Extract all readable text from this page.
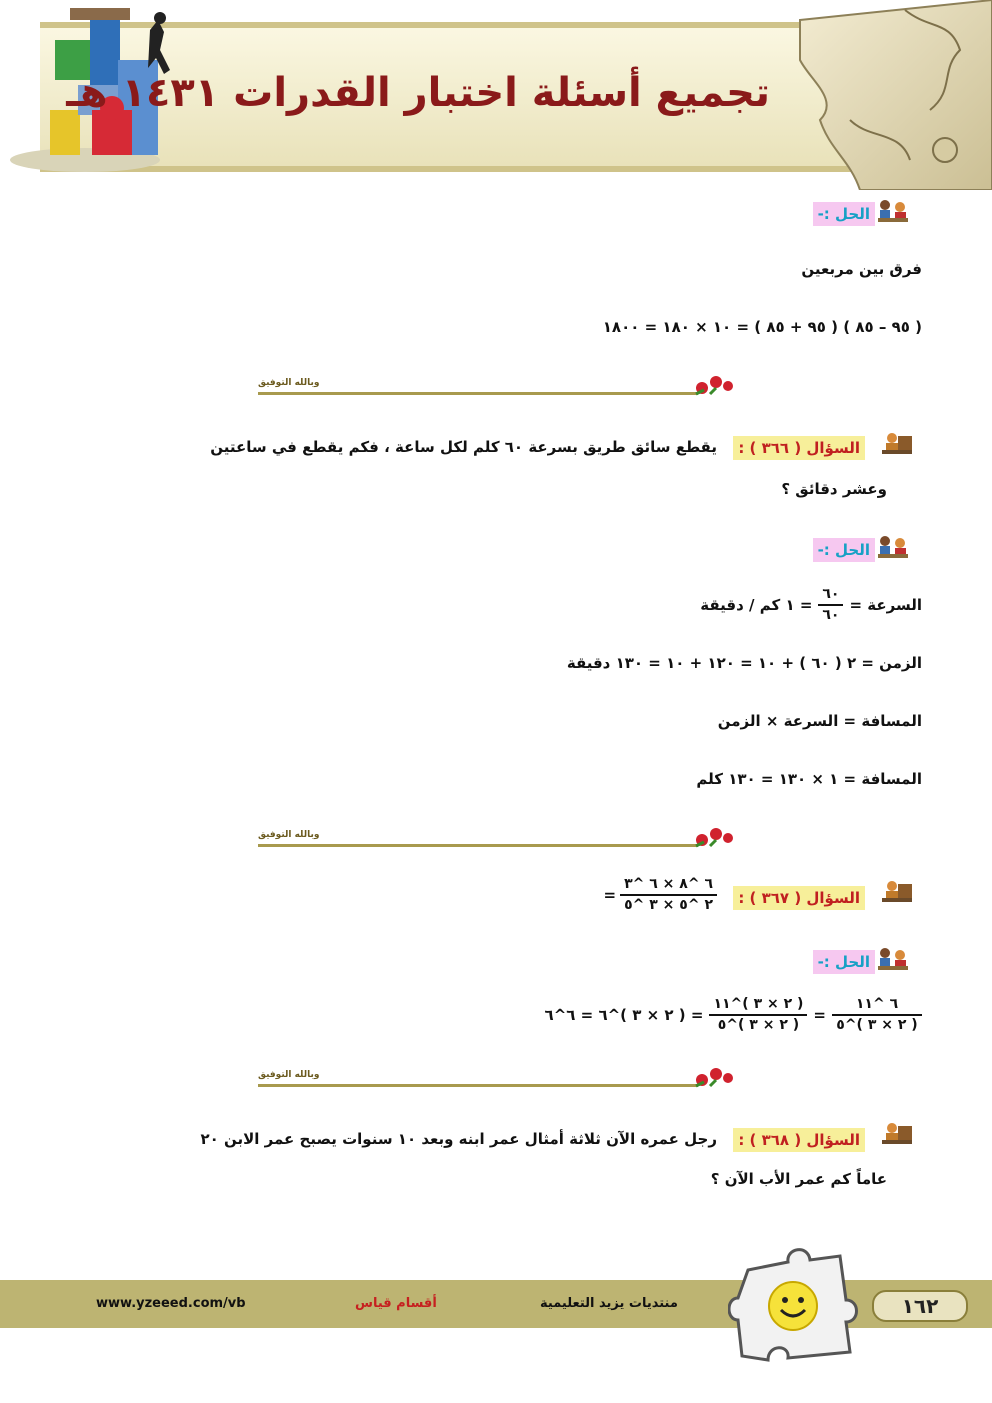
تجميع أسئلة اختبار القدرات ١٤٣١ هـ
الحل :-
فرق بين مربعين
( ٩٥ – ٨٥ ) ( ٩٥ + ٨٥ ) = ١٠ × ١٨٠ = ١٨٠٠
وبالله التوفيق
السؤال ( ٣٦٦ ) :
يقطع سائق طريق بسرعة ٦٠ كلم لكل ساعة ، فكم يقطع في ساعتين
وعشر دقائق ؟
الحل :-
السرعة =
$\frac{٦٠}{٦٠}$
= ١ كم / دقيقة
الزمن = ٢ ( ٦٠ ) + ١٠ = ١٢٠ + ١٠ = ١٣٠ دقيقة
المسافة = السرعة × الزمن
المسافة = ١ × ١٣٠ = ١٣٠ كلم
وبالله التوفيق
السؤال ( ٣٦٧ ) :
$\frac{٦ \^{}٨ \times ٦ \^{}٣}{٢ \^{}٥ \times ٣ \^{}٥}$
=
الحل :-
$\frac{٦ \^{}١١}{( ٢ \times ٣ )\^{}٥}$
=
$\frac{( ٢ \times ٣ )\^{}١١}{( ٢ \times ٣ )\^{}٥}$
= ( ٢ × ٣ )^٦ = ٦^٦
وبالله التوفيق
السؤال ( ٣٦٨ ) :
رجل عمره الآن ثلاثة أمثال عمر ابنه وبعد ١٠ سنوات يصبح عمر الابن ٢٠
عاماً كم عمر الأب الآن ؟
www.yzeeed.com/vb	أقسام قياس	منتديات يزيد التعليمية	١٦٢
